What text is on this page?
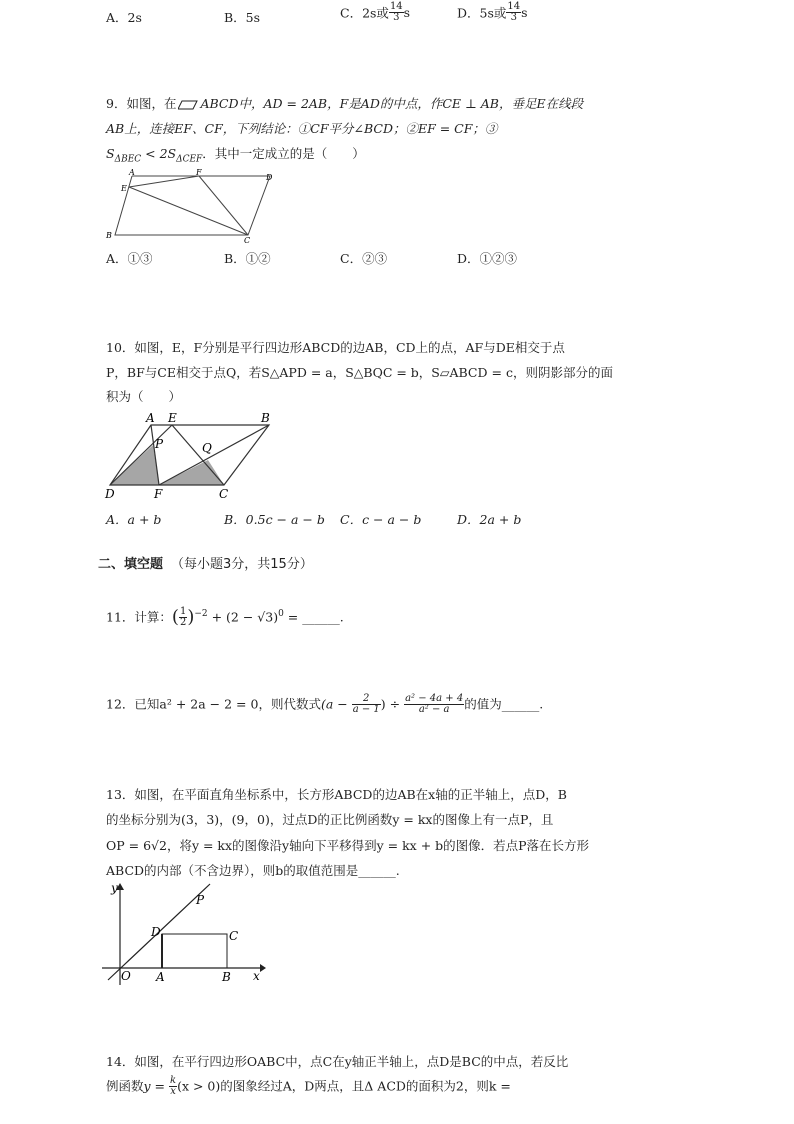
A．2s	B．5s	C．2s或 $\frac{14}{3}$ s	D．5s或 $\frac{14}{3}$ s
9．如图，在 ABCD中，AD = 2AB，F是AD的中点，作CE ⊥ AB，垂足E在线段
AB上，连接EF、CF，下列结论：①CF平分∠BCD；②EF = CF；③
$S_{\Delta BEC} < 2S_{\Delta CEF}$．其中一定成立的是（　　）
A	F
D
E
B
C
A．①③	B．①②	C．②③	D．①②③
10．如图，E，F分别是平行四边形ABCD的边AB，CD上的点，AF与DE相交于点
P，BF与CE相交于点Q，若S△APD = a，S△BQC = b，S▱ABCD = c，则阴影部分的面
积为（　　）
A E	B
P	Q
D	F	C
A．a + b	B．0.5c − a − b C．c − a − b	D．2a + b
二、填空题 （每小题3分，共15分）
11．计算：( $\frac{1}{2} )^{-2} + (2 - √3)^0$ = ______.
12．已知a² + 2a − 2 = 0，则代数式($a - \frac{2}{a - 1}$ ) ÷ $\frac{\text{a² − 4a + 4}}{\text{a² − a}}$ 的值为______.
13．如图，在平面直角坐标系中，长方形ABCD的边AB在x轴的正半轴上，点D，B
的坐标分别为(3，3)，(9，0)，过点D的正比例函数y = kx的图像上有一点P，且
OP = 6√2，将y = kx的图像沿y轴向下平移得到y = kx + b的图像．若点P落在长方形
ABCD的内部（不含边界），则b的取值范围是______.
y
x
O A	B
C
D
P
14．如图，在平行四边形OABC中，点C在y轴正半轴上，点D是BC的中点，若反比
例函数$y = \frac{k}{x} (x > 0)$的图象经过A，D两点，且Δ ACD的面积为2，则k =
